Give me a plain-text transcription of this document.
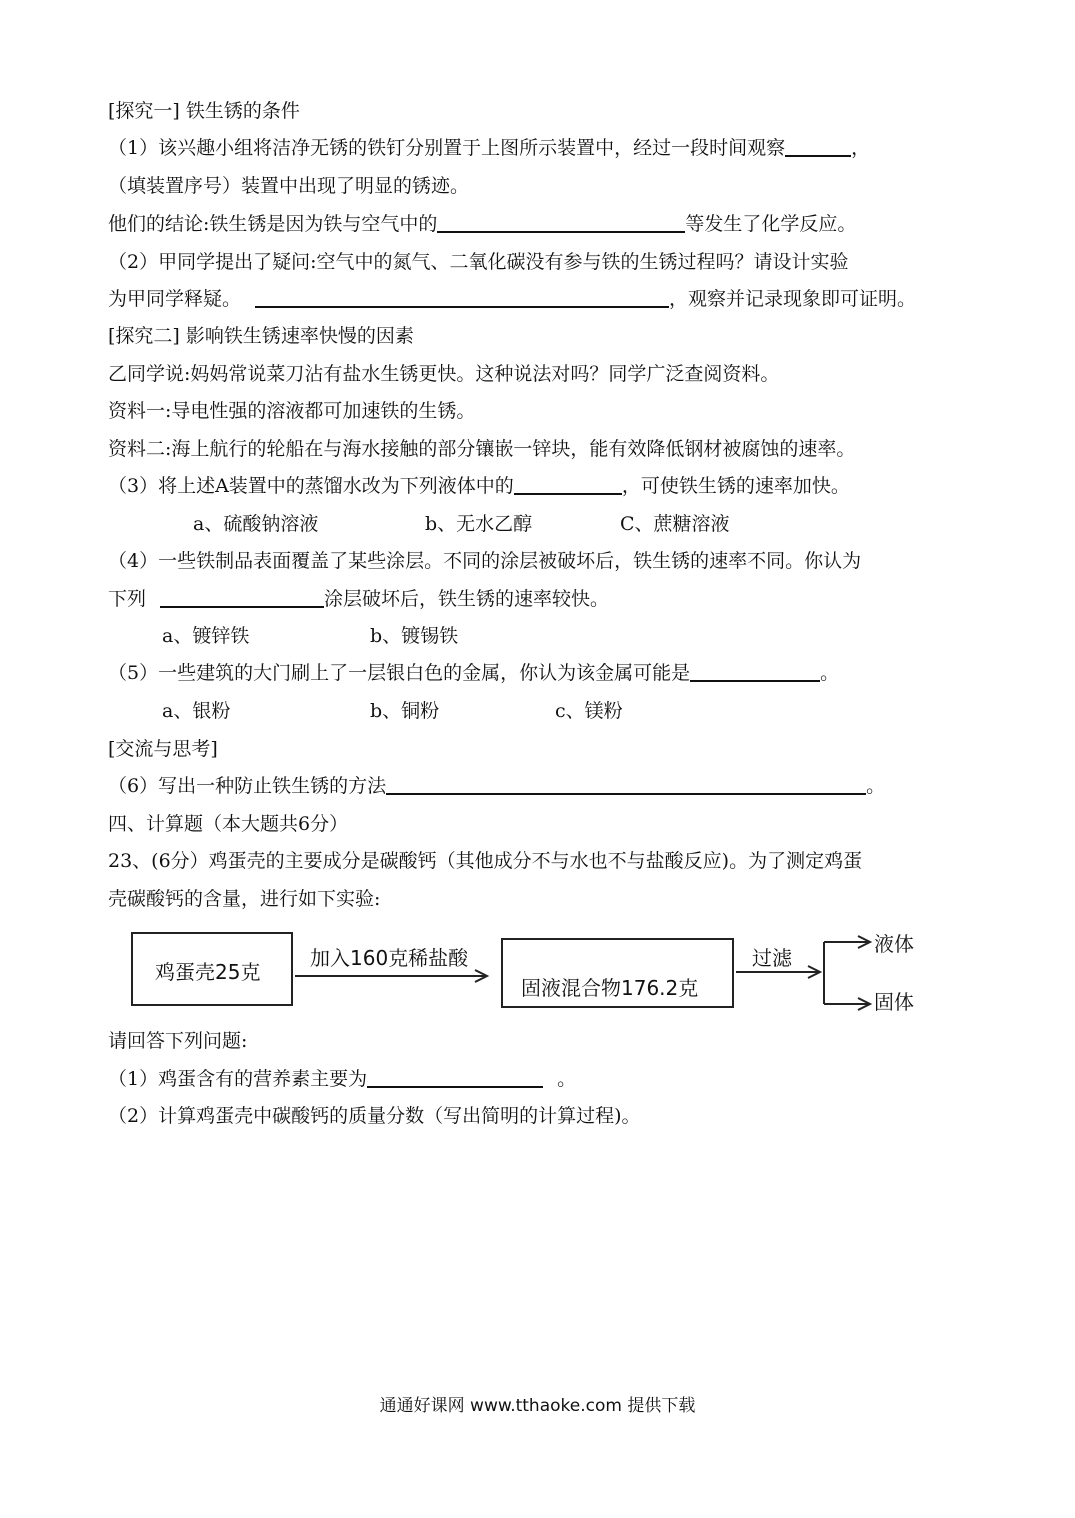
[探究一] 铁生锈的条件
（1）该兴趣小组将洁净无锈的铁钉分别置于上图所示装置中，经过一段时间观察	，
（填装置序号）装置中出现了明显的锈迹。
他们的结论:铁生锈是因为铁与空气中的	等发生了化学反应。
（2）甲同学提出了疑问:空气中的氮气、二氧化碳没有参与铁的生锈过程吗？请设计实验
为甲同学释疑。	，观察并记录现象即可证明。
[探究二] 影响铁生锈速率快慢的因素
乙同学说:妈妈常说菜刀沾有盐水生锈更快。这种说法对吗？同学广泛查阅资料。
资料一:导电性强的溶液都可加速铁的生锈。
资料二:海上航行的轮船在与海水接触的部分镶嵌一锌块，能有效降低钢材被腐蚀的速率。
（3）将上述A装置中的蒸馏水改为下列液体中的	，可使铁生锈的速率加快。
a、硫酸钠溶液	b、无水乙醇	C、蔗糖溶液
（4）一些铁制品表面覆盖了某些涂层。不同的涂层被破坏后，铁生锈的速率不同。你认为
下列	涂层破坏后，铁生锈的速率较快。
a、镀锌铁	b、镀锡铁
（5）一些建筑的大门刷上了一层银白色的金属，你认为该金属可能是	。
a、银粉	b、铜粉	c、镁粉
[交流与思考]
（6）写出一种防止铁生锈的方法	。
四、计算题（本大题共6分）
23、(6分）鸡蛋壳的主要成分是碳酸钙（其他成分不与水也不与盐酸反应)。为了测定鸡蛋
壳碳酸钙的含量，进行如下实验:
鸡蛋壳25克
加入160克稀盐酸
固液混合物176.2克
过滤
液体
固体
请回答下列问题:
（1）鸡蛋含有的营养素主要为	。
（2）计算鸡蛋壳中碳酸钙的质量分数（写出简明的计算过程)。
通通好课网 www.tthaoke.com 提供下载
